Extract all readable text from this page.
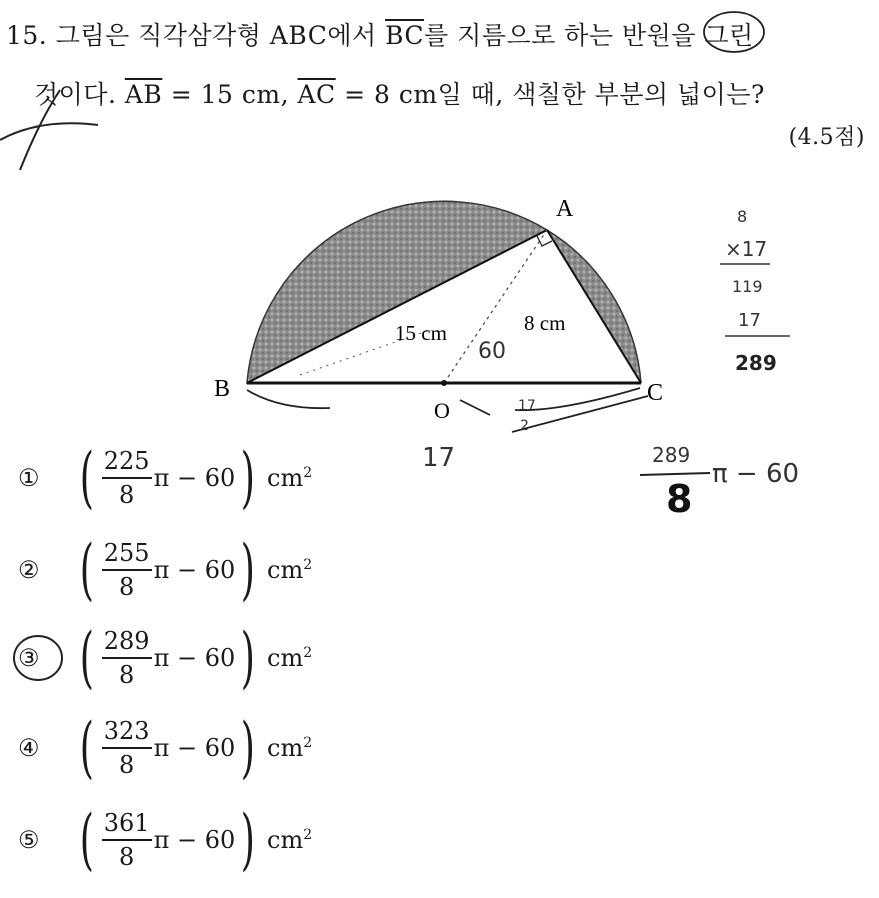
15. 그림은 직각삼각형 ABC에서 $\overline{BC}$를 지름으로 하는 반원을 그린
것이다. $\overline{AB} = 15$ cm, $\overline{AC} = 8$ cm일 때, 색칠한 부분의 넓이는?
(4.5점)
A
B	C
O
15 cm	8 cm
60
17
17
2
8
×17
119
17
289
289
8
π − 60
① ( $\frac{225}{8}$ π − 60 ) $cm^2$
② ( $\frac{255}{8}$ π − 60 ) $cm^2$
③ ( $\frac{289}{8}$ π − 60 ) $cm^2$
④ ( $\frac{323}{8}$ π − 60 ) $cm^2$
⑤ ( $\frac{361}{8}$ π − 60 ) $cm^2$
